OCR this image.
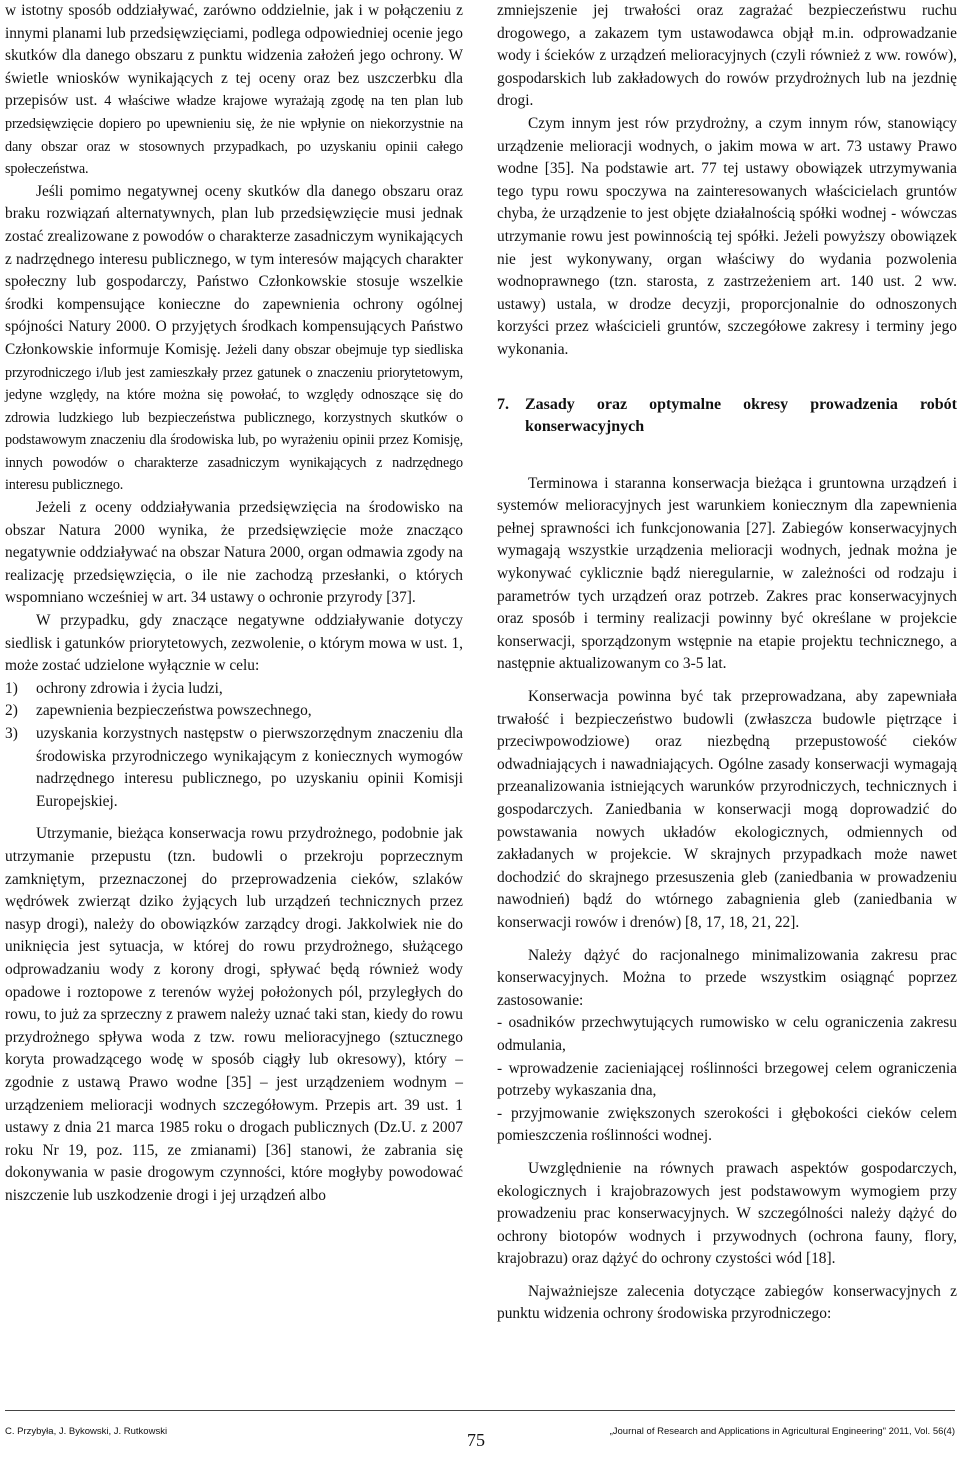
w istotny sposób oddziaływać, zarówno oddzielnie, jak i w połączeniu z innymi planami lub przedsięwzięciami, podlega odpowiedniej ocenie jego skutków dla danego obszaru z punktu widzenia założeń jego ochrony. W świetle wniosków wynikających z tej oceny oraz bez uszczerbku dla przepisów ust. 4 właściwe władze krajowe wyrażają zgodę na ten plan lub przedsięwzięcie dopiero po upewnieniu się, że nie wpłynie on niekorzystnie na dany obszar oraz w stosownych przypadkach, po uzyskaniu opinii całego społeczeństwa.

Jeśli pomimo negatywnej oceny skutków dla danego obszaru oraz braku rozwiązań alternatywnych, plan lub przedsięwzięcie musi jednak zostać zrealizowane z powodów o charakterze zasadniczym wynikających z nadrzędnego interesu publicznego, w tym interesów mających charakter społeczny lub gospodarczy, Państwo Członkowskie stosuje wszelkie środki kompensujące konieczne do zapewnienia ochrony ogólnej spójności Natury 2000. O przyjętych środkach kompensujących Państwo Członkowskie informuje Komisję. Jeżeli dany obszar obejmuje typ siedliska przyrodniczego i/lub jest zamieszkały przez gatunek o znaczeniu priorytetowym, jedyne względy, na które można się powołać, to względy odnoszące się do zdrowia ludzkiego lub bezpieczeństwa publicznego, korzystnych skutków o podstawowym znaczeniu dla środowiska lub, po wyrażeniu opinii przez Komisję, innych powodów o charakterze zasadniczym wynikających z nadrzędnego interesu publicznego.

Jeżeli z oceny oddziaływania przedsięwzięcia na środowisko na obszar Natura 2000 wynika, że przedsięwzięcie może znacząco negatywnie oddziaływać na obszar Natura 2000, organ odmawia zgody na realizację przedsięwzięcia, o ile nie zachodzą przesłanki, o których wspomniano wcześniej w art. 34 ustawy o ochronie przyrody [37].

W przypadku, gdy znaczące negatywne oddziaływanie dotyczy siedlisk i gatunków priorytetowych, zezwolenie, o którym mowa w ust. 1, może zostać udzielone wyłącznie w celu:

1)	ochrony zdrowia i życia ludzi,
2)	zapewnienia bezpieczeństwa powszechnego,
3)	uzyskania korzystnych następstw o pierwszorzędnym znaczeniu dla środowiska przyrodniczego wynikającym z koniecznych wymogów nadrzędnego interesu publicznego, po uzyskaniu opinii Komisji Europejskiej.

Utrzymanie, bieżąca konserwacja rowu przydrożnego, podobnie jak utrzymanie przepustu (tzn. budowli o przekroju poprzecznym zamkniętym, przeznaczonej do przeprowadzenia cieków, szlaków wędrówek zwierząt dziko żyjących lub urządzeń technicznych przez nasyp drogi), należy do obowiązków zarządcy drogi. Jakkolwiek nie do uniknięcia jest sytuacja, w której do rowu przydrożnego, służącego odprowadzaniu wody z korony drogi, spływać będą również wody opadowe i roztopowe z terenów wyżej położonych pól, przyległych do rowu, to już za sprzeczny z prawem należy uznać taki stan, kiedy do rowu przydrożnego spływa woda z tzw. rowu melioracyjnego (sztucznego koryta prowadzącego wodę w sposób ciągły lub okresowy), który – zgodnie z ustawą Prawo wodne [35] – jest urządzeniem wodnym – urządzeniem melioracji wodnych szczegółowym. Przepis art. 39 ust. 1 ustawy z dnia 21 marca 1985 roku o drogach publicznych (Dz.U. z 2007 roku Nr 19, poz. 115, ze zmianami) [36] stanowi, że zabrania się dokonywania w pasie drogowym czynności, które mogłyby powodować niszczenie lub uszkodzenie drogi i jej urządzeń albo

zmniejszenie jej trwałości oraz zagrażać bezpieczeństwu ruchu drogowego, a zakazem tym ustawodawca objął m.in. odprowadzanie wody i ścieków z urządzeń melioracyjnych (czyli również z ww. rowów), gospodarskich lub zakładowych do rowów przydrożnych lub na jezdnię drogi.

Czym innym jest rów przydrożny, a czym innym rów, stanowiący urządzenie melioracji wodnych, o jakim mowa w art. 73 ustawy Prawo wodne [35]. Na podstawie art. 77 tej ustawy obowiązek utrzymywania tego typu rowu spoczywa na zainteresowanych właścicielach gruntów chyba, że urządzenie to jest objęte działalnością spółki wodnej - wówczas utrzymanie rowu jest powinnością tej spółki. Jeżeli powyższy obowiązek nie jest wykonywany, organ właściwy do wydania pozwolenia wodnoprawnego (tzn. starosta, z zastrzeżeniem art. 140 ust. 2 ww. ustawy) ustala, w drodze decyzji, proporcjonalnie do odnoszonych korzyści przez właścicieli gruntów, szczegółowe zakresy i terminy jego wykonania.

7.	Zasady oraz optymalne okresy prowadzenia robót konserwacyjnych

Terminowa i staranna konserwacja bieżąca i gruntowna urządzeń i systemów melioracyjnych jest warunkiem koniecznym dla zapewnienia pełnej sprawności ich funkcjonowania [27]. Zabiegów konserwacyjnych wymagają wszystkie urządzenia melioracji wodnych, jednak można je wykonywać cyklicznie bądź nieregularnie, w zależności od rodzaju i parametrów tych urządzeń oraz potrzeb. Zakres prac konserwacyjnych oraz sposób i terminy realizacji powinny być określane w projekcie konserwacji, sporządzonym wstępnie na etapie projektu technicznego, a następnie aktualizowanym co 3-5 lat.

Konserwacja powinna być tak przeprowadzana, aby zapewniała trwałość i bezpieczeństwo budowli (zwłaszcza budowle piętrzące i przeciwpowodziowe) oraz niezbędną przepustowość cieków odwadniających i nawadniających. Ogólne zasady konserwacji wymagają przeanalizowania istniejących warunków przyrodniczych, technicznych i gospodarczych. Zaniedbania w konserwacji mogą doprowadzić do powstawania nowych układów ekologicznych, odmiennych od zakładanych w projekcie. W skrajnych przypadkach może nawet dochodzić do skrajnego przesuszenia gleb (zaniedbania w prowadzeniu nawodnień) bądź do wtórnego zabagnienia gleb (zaniedbania w konserwacji rowów i drenów) [8, 17, 18, 21, 22].

Należy dążyć do racjonalnego minimalizowania zakresu prac konserwacyjnych. Można to przede wszystkim osiągnąć poprzez zastosowanie:

- osadników przechwytujących rumowisko w celu ograniczenia zakresu odmulania,
- wprowadzenie zacieniającej roślinności brzegowej celem ograniczenia potrzeby wykaszania dna,
- przyjmowanie zwiększonych szerokości i głębokości cieków celem pomieszczenia roślinności wodnej.

Uwzględnienie na równych prawach aspektów gospodarczych, ekologicznych i krajobrazowych jest podstawowym wymogiem przy prowadzeniu prac konserwacyjnych. W szczególności należy dążyć do ochrony biotopów wodnych i przywodnych (ochrona fauny, flory, krajobrazu) oraz dążyć do ochrony czystości wód [18].

Najważniejsze zalecenia dotyczące zabiegów konserwacyjnych z punktu widzenia ochrony środowiska przyrodniczego:

C. Przybyła, J. Bykowski, J. Rutkowski	75	„Journal of Research and Applications in Agricultural Engineering" 2011, Vol. 56(4)
